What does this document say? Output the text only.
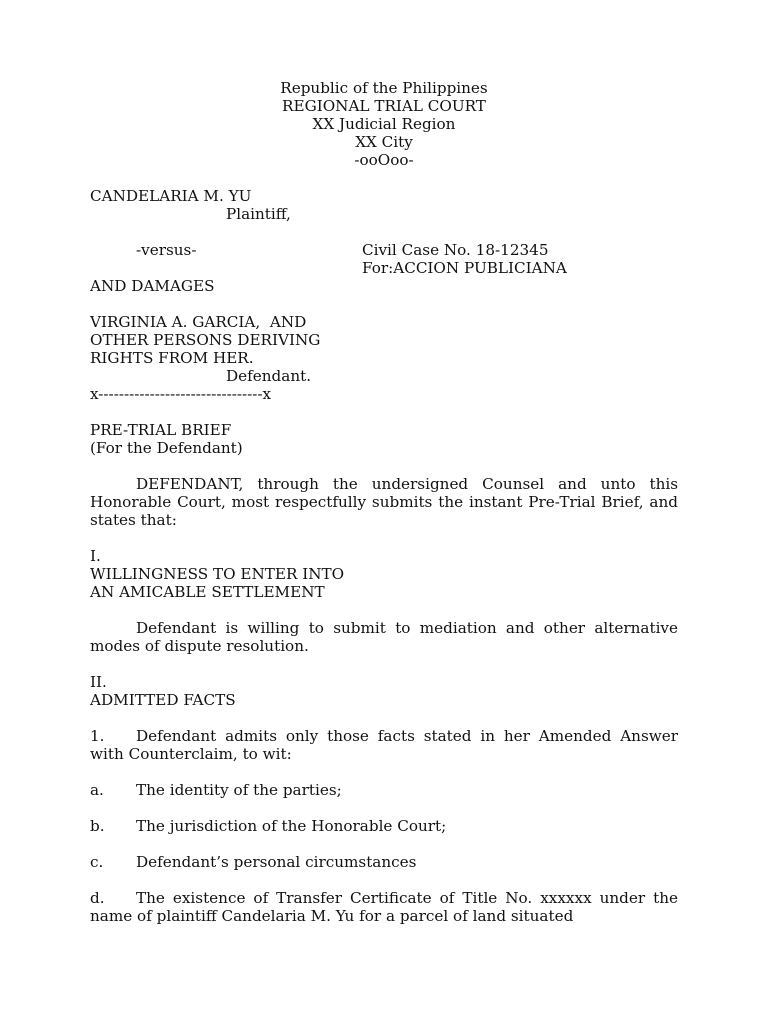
Republic of the Philippines
REGIONAL TRIAL COURT
XX Judicial Region
XX City
-ooOoo-
CANDELARIA M. YU
Plaintiff,
-versus-	Civil Case No. 18-12345
For:ACCION PUBLICIANA
AND DAMAGES
VIRGINIA A. GARCIA,  AND
OTHER PERSONS DERIVING
RIGHTS FROM HER.
Defendant.
x--------------------------------x
PRE-TRIAL BRIEF
(For the Defendant)
DEFENDANT, through the undersigned Counsel and unto this Honorable Court, most respectfully submits the instant Pre-Trial Brief, and states that:
I.
WILLINGNESS TO ENTER INTO
AN AMICABLE SETTLEMENT
Defendant is willing to submit to mediation and other alternative modes of dispute resolution.
II.
ADMITTED FACTS
1. Defendant admits only those facts stated in her Amended Answer with Counterclaim, to wit:
a. The identity of the parties;
b. The jurisdiction of the Honorable Court;
c. Defendant’s personal circumstances
d. The existence of Transfer Certificate of Title No. xxxxxx under the name of plaintiff Candelaria M. Yu for a parcel of land situated
